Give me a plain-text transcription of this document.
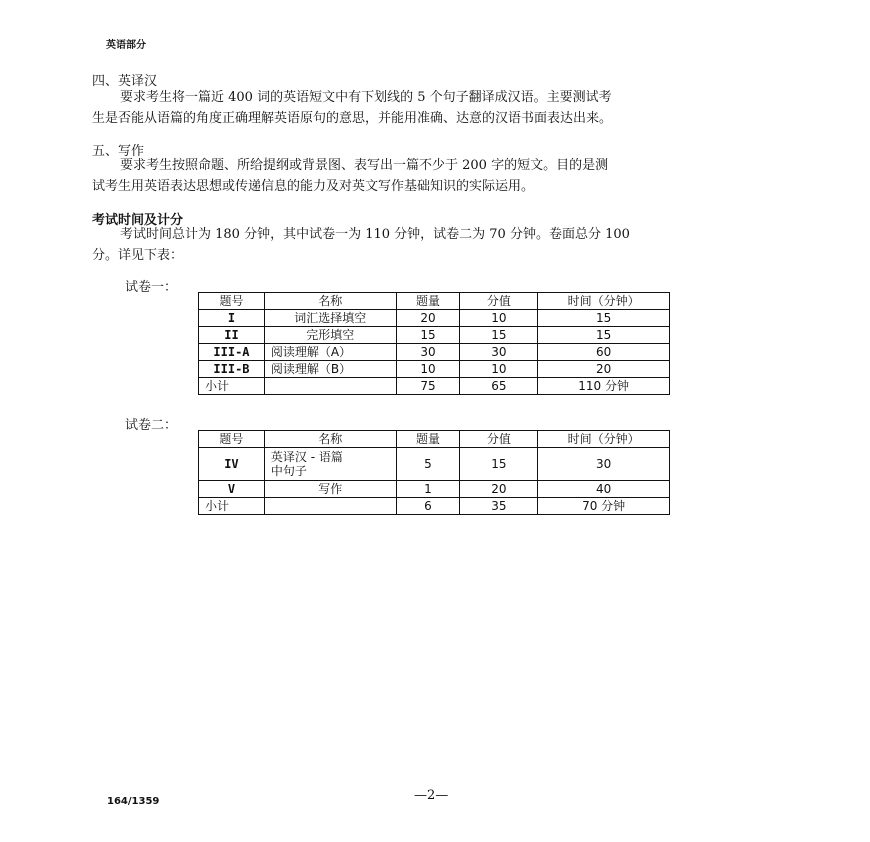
英语部分
四、英译汉
要求考生将一篇近 400 词的英语短文中有下划线的 5 个句子翻译成汉语。主要测试考
生是否能从语篇的角度正确理解英语原句的意思，并能用准确、达意的汉语书面表达出来。
五、写作
要求考生按照命题、所给提纲或背景图、表写出一篇不少于 200 字的短文。目的是测
试考生用英语表达思想或传递信息的能力及对英文写作基础知识的实际运用。
考试时间及计分
考试时间总计为 180 分钟，其中试卷一为 110 分钟，试卷二为 70 分钟。卷面总分 100
分。详见下表：
试卷一：
题号	名称	题量	分值	时间（分钟）
I	词汇选择填空	20	10	15
II	完形填空	15	15	15
III-A	阅读理解（A）	30	30	60
III-B	阅读理解（B）	10	10	20
小计		75	65	110 分钟
试卷二：
题号	名称	题量	分值	时间（分钟）
IV	英译汉 - 语篇
中句子	5	15	30
V	写作	1	20	40
小计		6	35	70 分钟
164/1359	—2—
